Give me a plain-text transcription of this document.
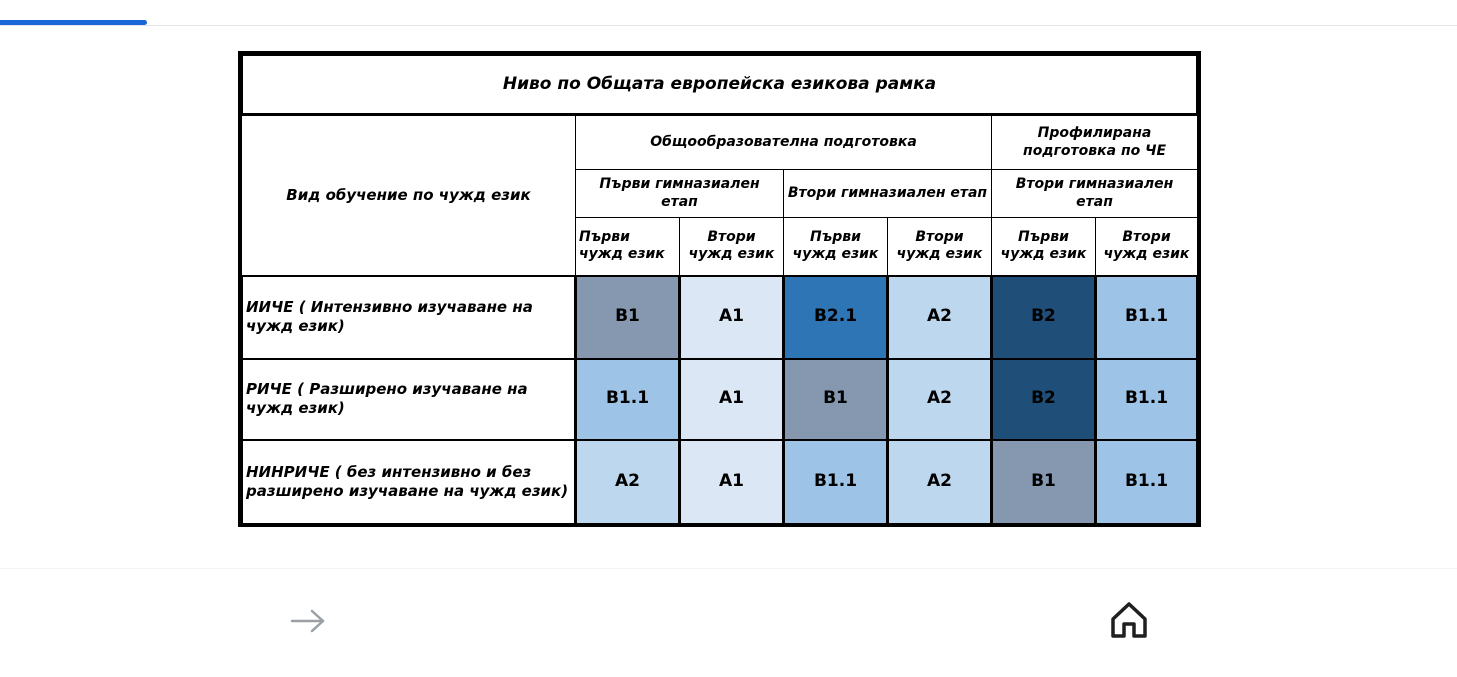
Ниво по Общата европейска езикова рамка						
Вид обучение по чужд език	Общообразователна подготовка				Профилирана подготовка по ЧЕ	
	Първи гимназиален етап		Втори гимназиален етап		Втори гимназиален етап	
	Първи чужд език	Втори чужд език	Първи чужд език	Втори чужд език	Първи чужд език	Втори чужд език
ИИЧЕ ( Интензивно изучаване на чужд език)	B1	A1	B2.1	A2	B2	B1.1
РИЧЕ ( Разширено изучаване на чужд език)	B1.1	A1	B1	A2	B2	B1.1
НИНРИЧЕ ( без интензивно и без разширено изучаване на чужд език)	A2	A1	B1.1	A2	B1	B1.1
